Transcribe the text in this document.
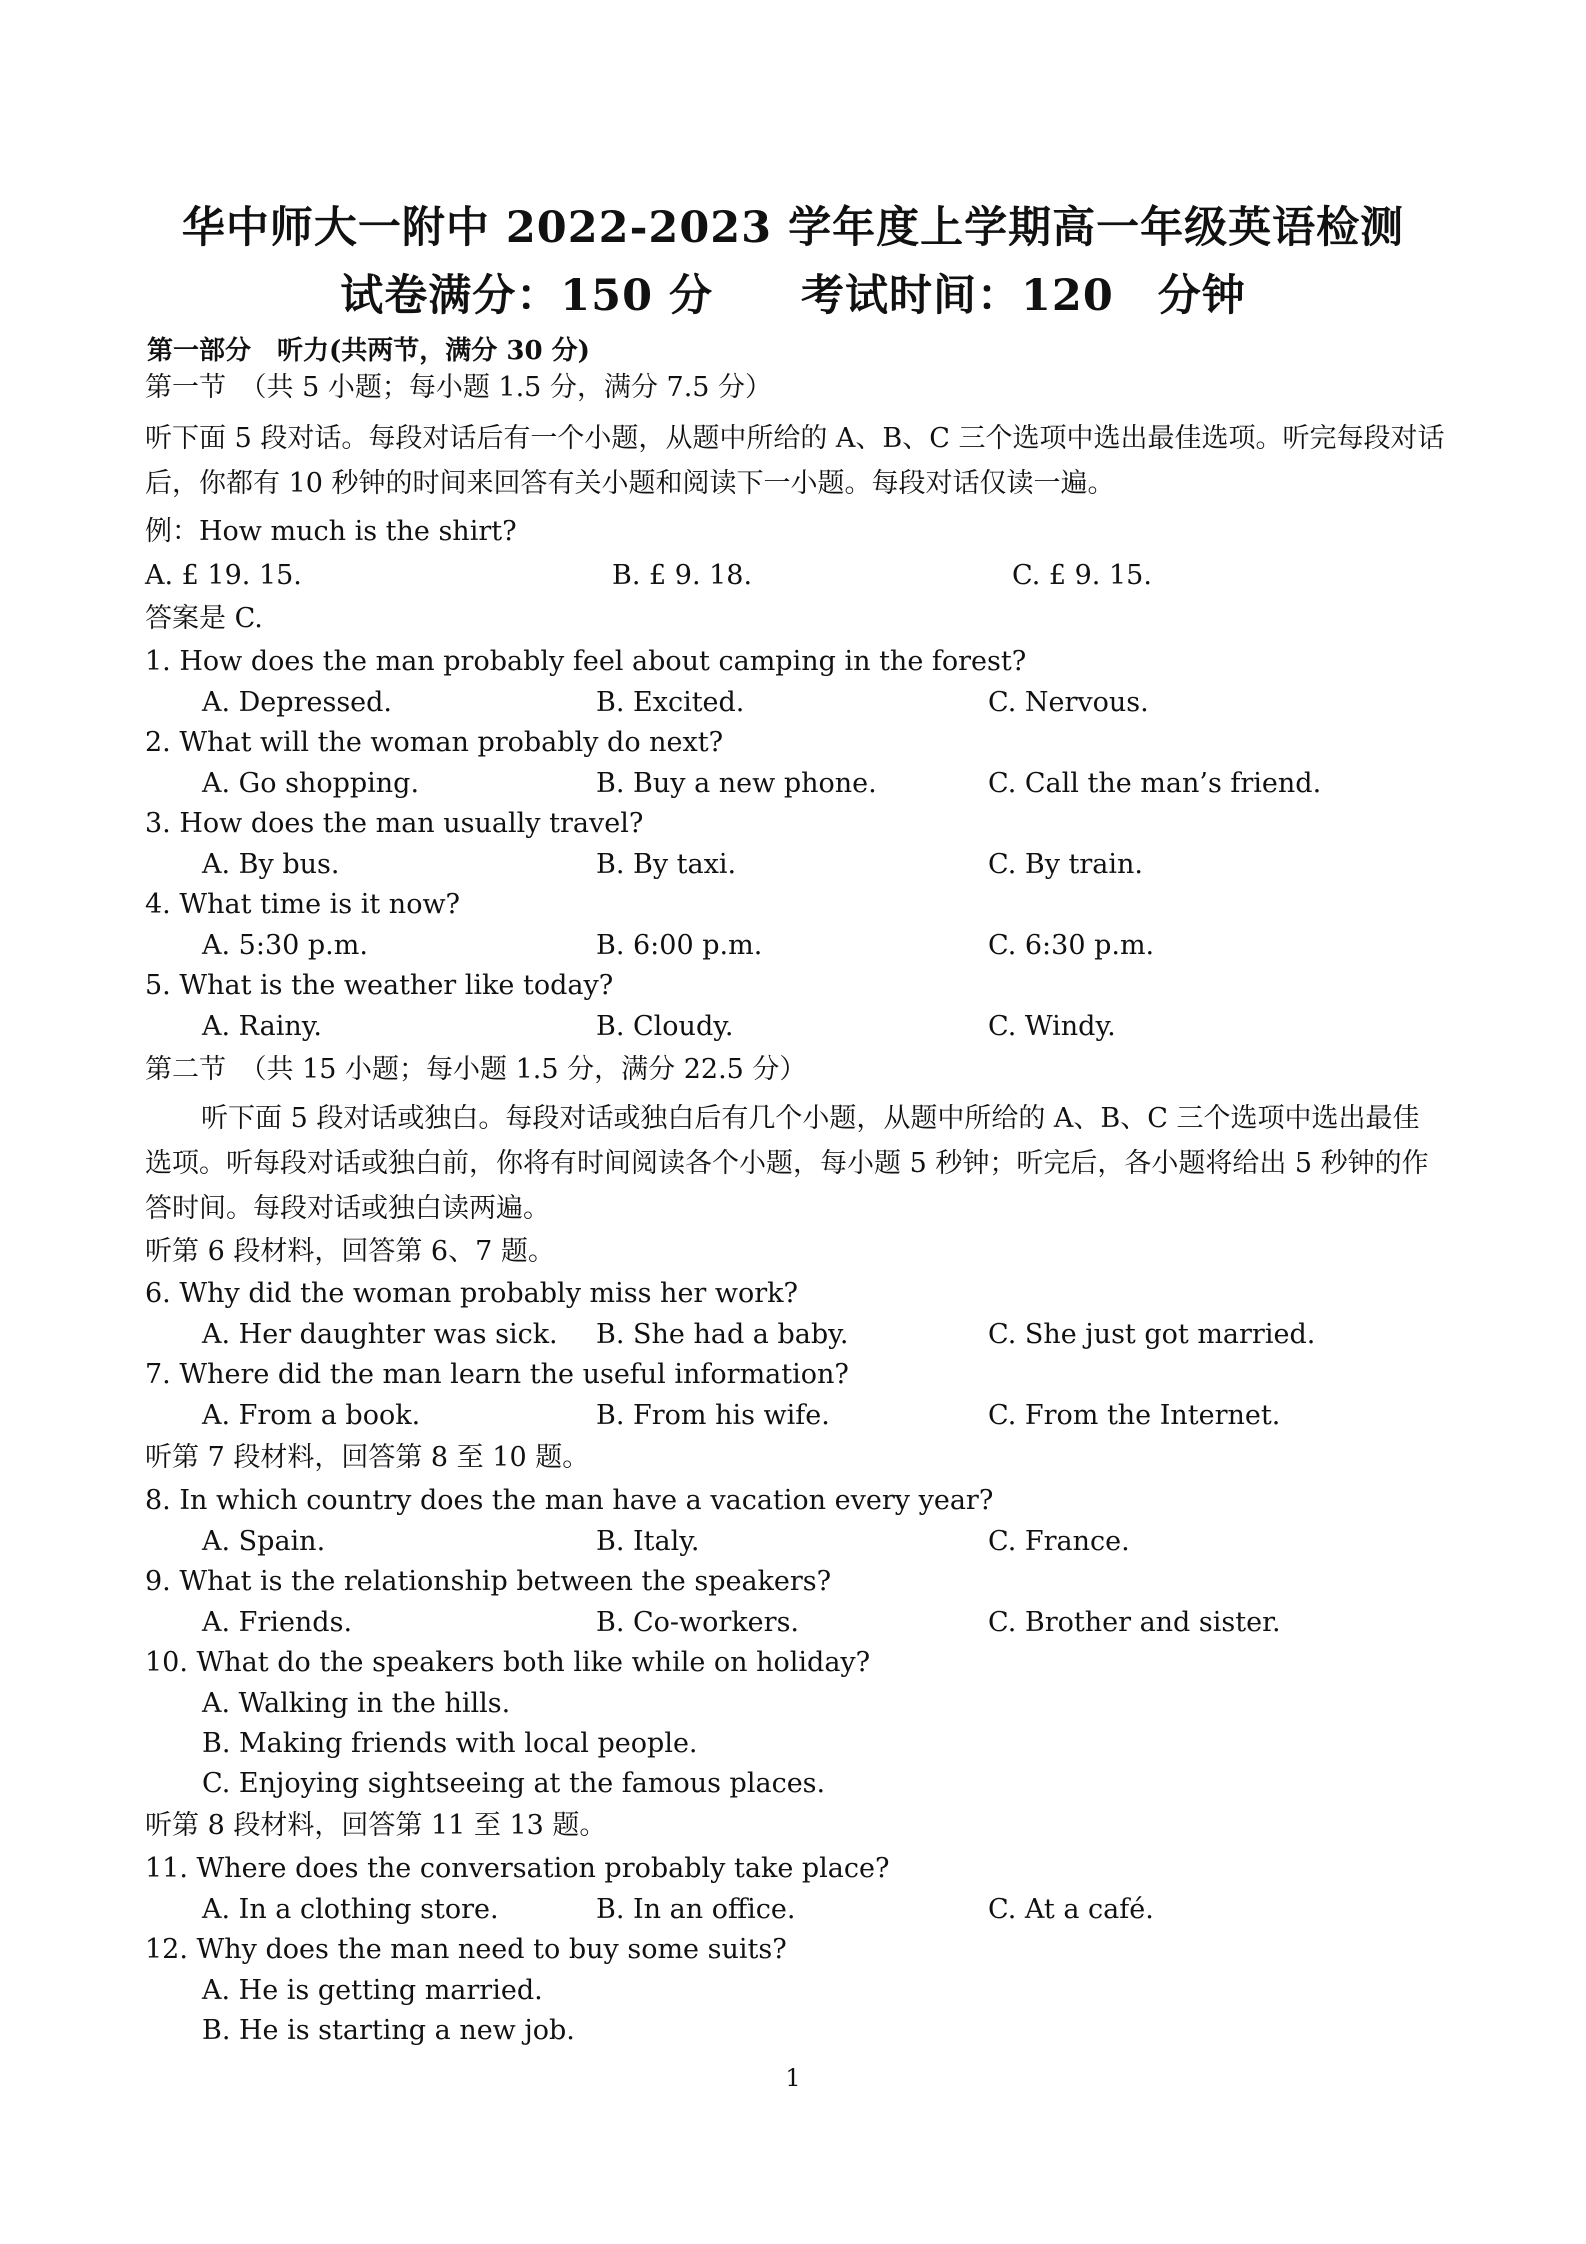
华中师大一附中 2022-2023 学年度上学期高一年级英语检测
试卷满分：150 分　　考试时间：120　分钟
第一部分　听力(共两节，满分 30 分)
第一节　（共 5 小题；每小题 1.5 分，满分 7.5 分）
听下面 5 段对话。每段对话后有一个小题，从题中所给的 A、B、C 三个选项中选出最佳选项。听完每段对话后，你都有 10 秒钟的时间来回答有关小题和阅读下一小题。每段对话仅读一遍。
例：How much is the shirt?
A. £ 19. 15.	B. £ 9. 18.	C. £ 9. 15.
答案是 C.
1. How does the man probably feel about camping in the forest?
A. Depressed.	B. Excited.	C. Nervous.
2. What will the woman probably do next?
A. Go shopping.	B. Buy a new phone.	C. Call the man’s friend.
3. How does the man usually travel?
A. By bus.	B. By taxi.	C. By train.
4. What time is it now?
A. 5:30 p.m.	B. 6:00 p.m.	C. 6:30 p.m.
5. What is the weather like today?
A. Rainy.	B. Cloudy.	C. Windy.
第二节　（共 15 小题；每小题 1.5 分，满分 22.5 分）
听下面 5 段对话或独白。每段对话或独白后有几个小题，从题中所给的 A、B、C 三个选项中选出最佳选项。听每段对话或独白前，你将有时间阅读各个小题，每小题 5 秒钟；听完后，各小题将给出 5 秒钟的作答时间。每段对话或独白读两遍。
听第 6 段材料，回答第 6、7 题。
6. Why did the woman probably miss her work?
A. Her daughter was sick. B. She had a baby.	C. She just got married.
7. Where did the man learn the useful information?
A. From a book.	B. From his wife.	C. From the Internet.
听第 7 段材料，回答第 8 至 10 题。
8. In which country does the man have a vacation every year?
A. Spain.	B. Italy.	C. France.
9. What is the relationship between the speakers?
A. Friends.	B. Co-workers.	C. Brother and sister.
10. What do the speakers both like while on holiday?
A. Walking in the hills.
B. Making friends with local people.
C. Enjoying sightseeing at the famous places.
听第 8 段材料，回答第 11 至 13 题。
11. Where does the conversation probably take place?
A. In a clothing store.	B. In an office.	C. At a café.
12. Why does the man need to buy some suits?
A. He is getting married.
B. He is starting a new job.
1
